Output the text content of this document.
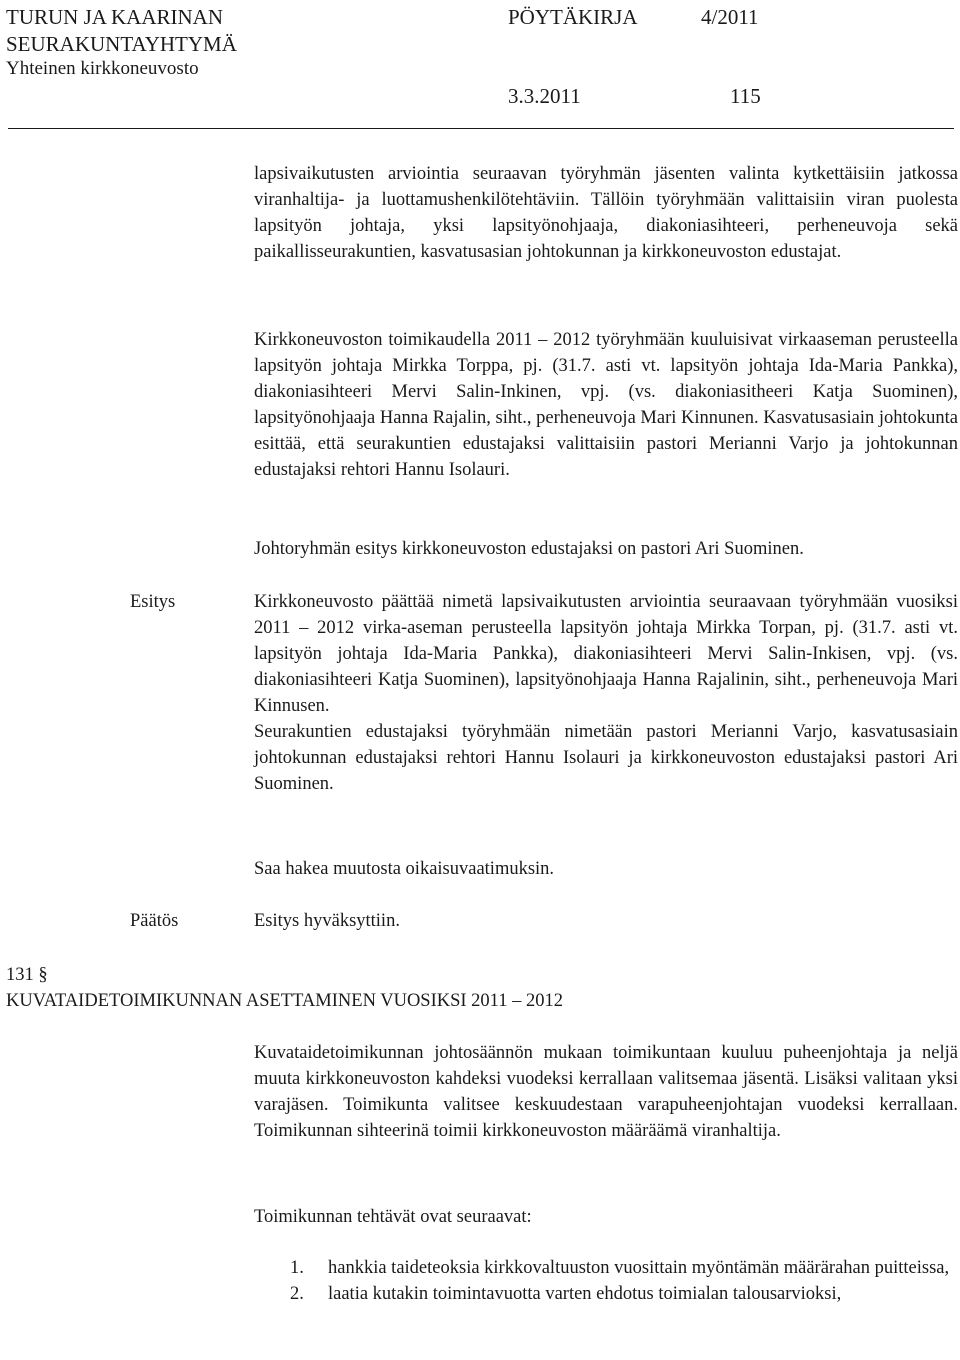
TURUN JA KAARINAN	PÖYTÄKIRJA	4/2011
SEURAKUNTAYHTYMÄ
Yhteinen kirkkoneuvosto
3.3.2011	115
lapsivaikutusten arviointia seuraavan työryhmän jäsenten valinta kytkettäisiin jatkossa viranhaltija- ja luottamushenkilötehtäviin. Tällöin työryhmään valittaisiin viran puolesta lapsityön johtaja, yksi lapsityönohjaaja, diakoniasihteeri, perheneuvoja sekä paikallisseurakuntien, kasvatusasian johtokunnan ja kirkkoneuvoston edustajat.
Kirkkoneuvoston toimikaudella 2011 – 2012 työryhmään kuuluisivat virkaaseman perusteella lapsityön johtaja Mirkka Torppa, pj. (31.7. asti vt. lapsityön johtaja Ida-Maria Pankka), diakoniasihteeri Mervi Salin-Inkinen, vpj. (vs. diakoniasitheeri Katja Suominen), lapsityönohjaaja Hanna Rajalin, siht., perheneuvoja Mari Kinnunen. Kasvatusasiain johtokunta esittää, että seurakuntien edustajaksi valittaisiin pastori Merianni Varjo ja johtokunnan edustajaksi rehtori Hannu Isolauri.
Johtoryhmän esitys kirkkoneuvoston edustajaksi on pastori Ari Suominen.
Esitys	Kirkkoneuvosto päättää nimetä lapsivaikutusten arviointia seuraavaan työryhmään vuosiksi 2011 – 2012 virka-aseman perusteella lapsityön johtaja Mirkka Torpan, pj. (31.7. asti vt. lapsityön johtaja Ida-Maria Pankka), diakoniasihteeri Mervi Salin-Inkisen, vpj. (vs. diakoniasihteeri Katja Suominen), lapsityönohjaaja Hanna Rajalinin, siht., perheneuvoja Mari Kinnusen.
Seurakuntien edustajaksi työryhmään nimetään pastori Merianni Varjo, kasvatusasiain johtokunnan edustajaksi rehtori Hannu Isolauri ja kirkkoneuvoston edustajaksi pastori Ari Suominen.
Saa hakea muutosta oikaisuvaatimuksin.
Päätös	Esitys hyväksyttiin.
131 §
KUVATAIDETOIMIKUNNAN ASETTAMINEN VUOSIKSI 2011 – 2012
Kuvataidetoimikunnan johtosäännön mukaan toimikuntaan kuuluu puheenjohtaja ja neljä muuta kirkkoneuvoston kahdeksi vuodeksi kerrallaan valitsemaa jäsentä. Lisäksi valitaan yksi varajäsen. Toimikunta valitsee keskuudestaan varapuheenjohtajan vuodeksi kerrallaan. Toimikunnan sihteerinä toimii kirkkoneuvoston määräämä viranhaltija.
Toimikunnan tehtävät ovat seuraavat:
1. hankkia taideteoksia kirkkovaltuuston vuosittain myöntämän määrärahan puitteissa,
2. laatia kutakin toimintavuotta varten ehdotus toimialan talousarvioksi,
